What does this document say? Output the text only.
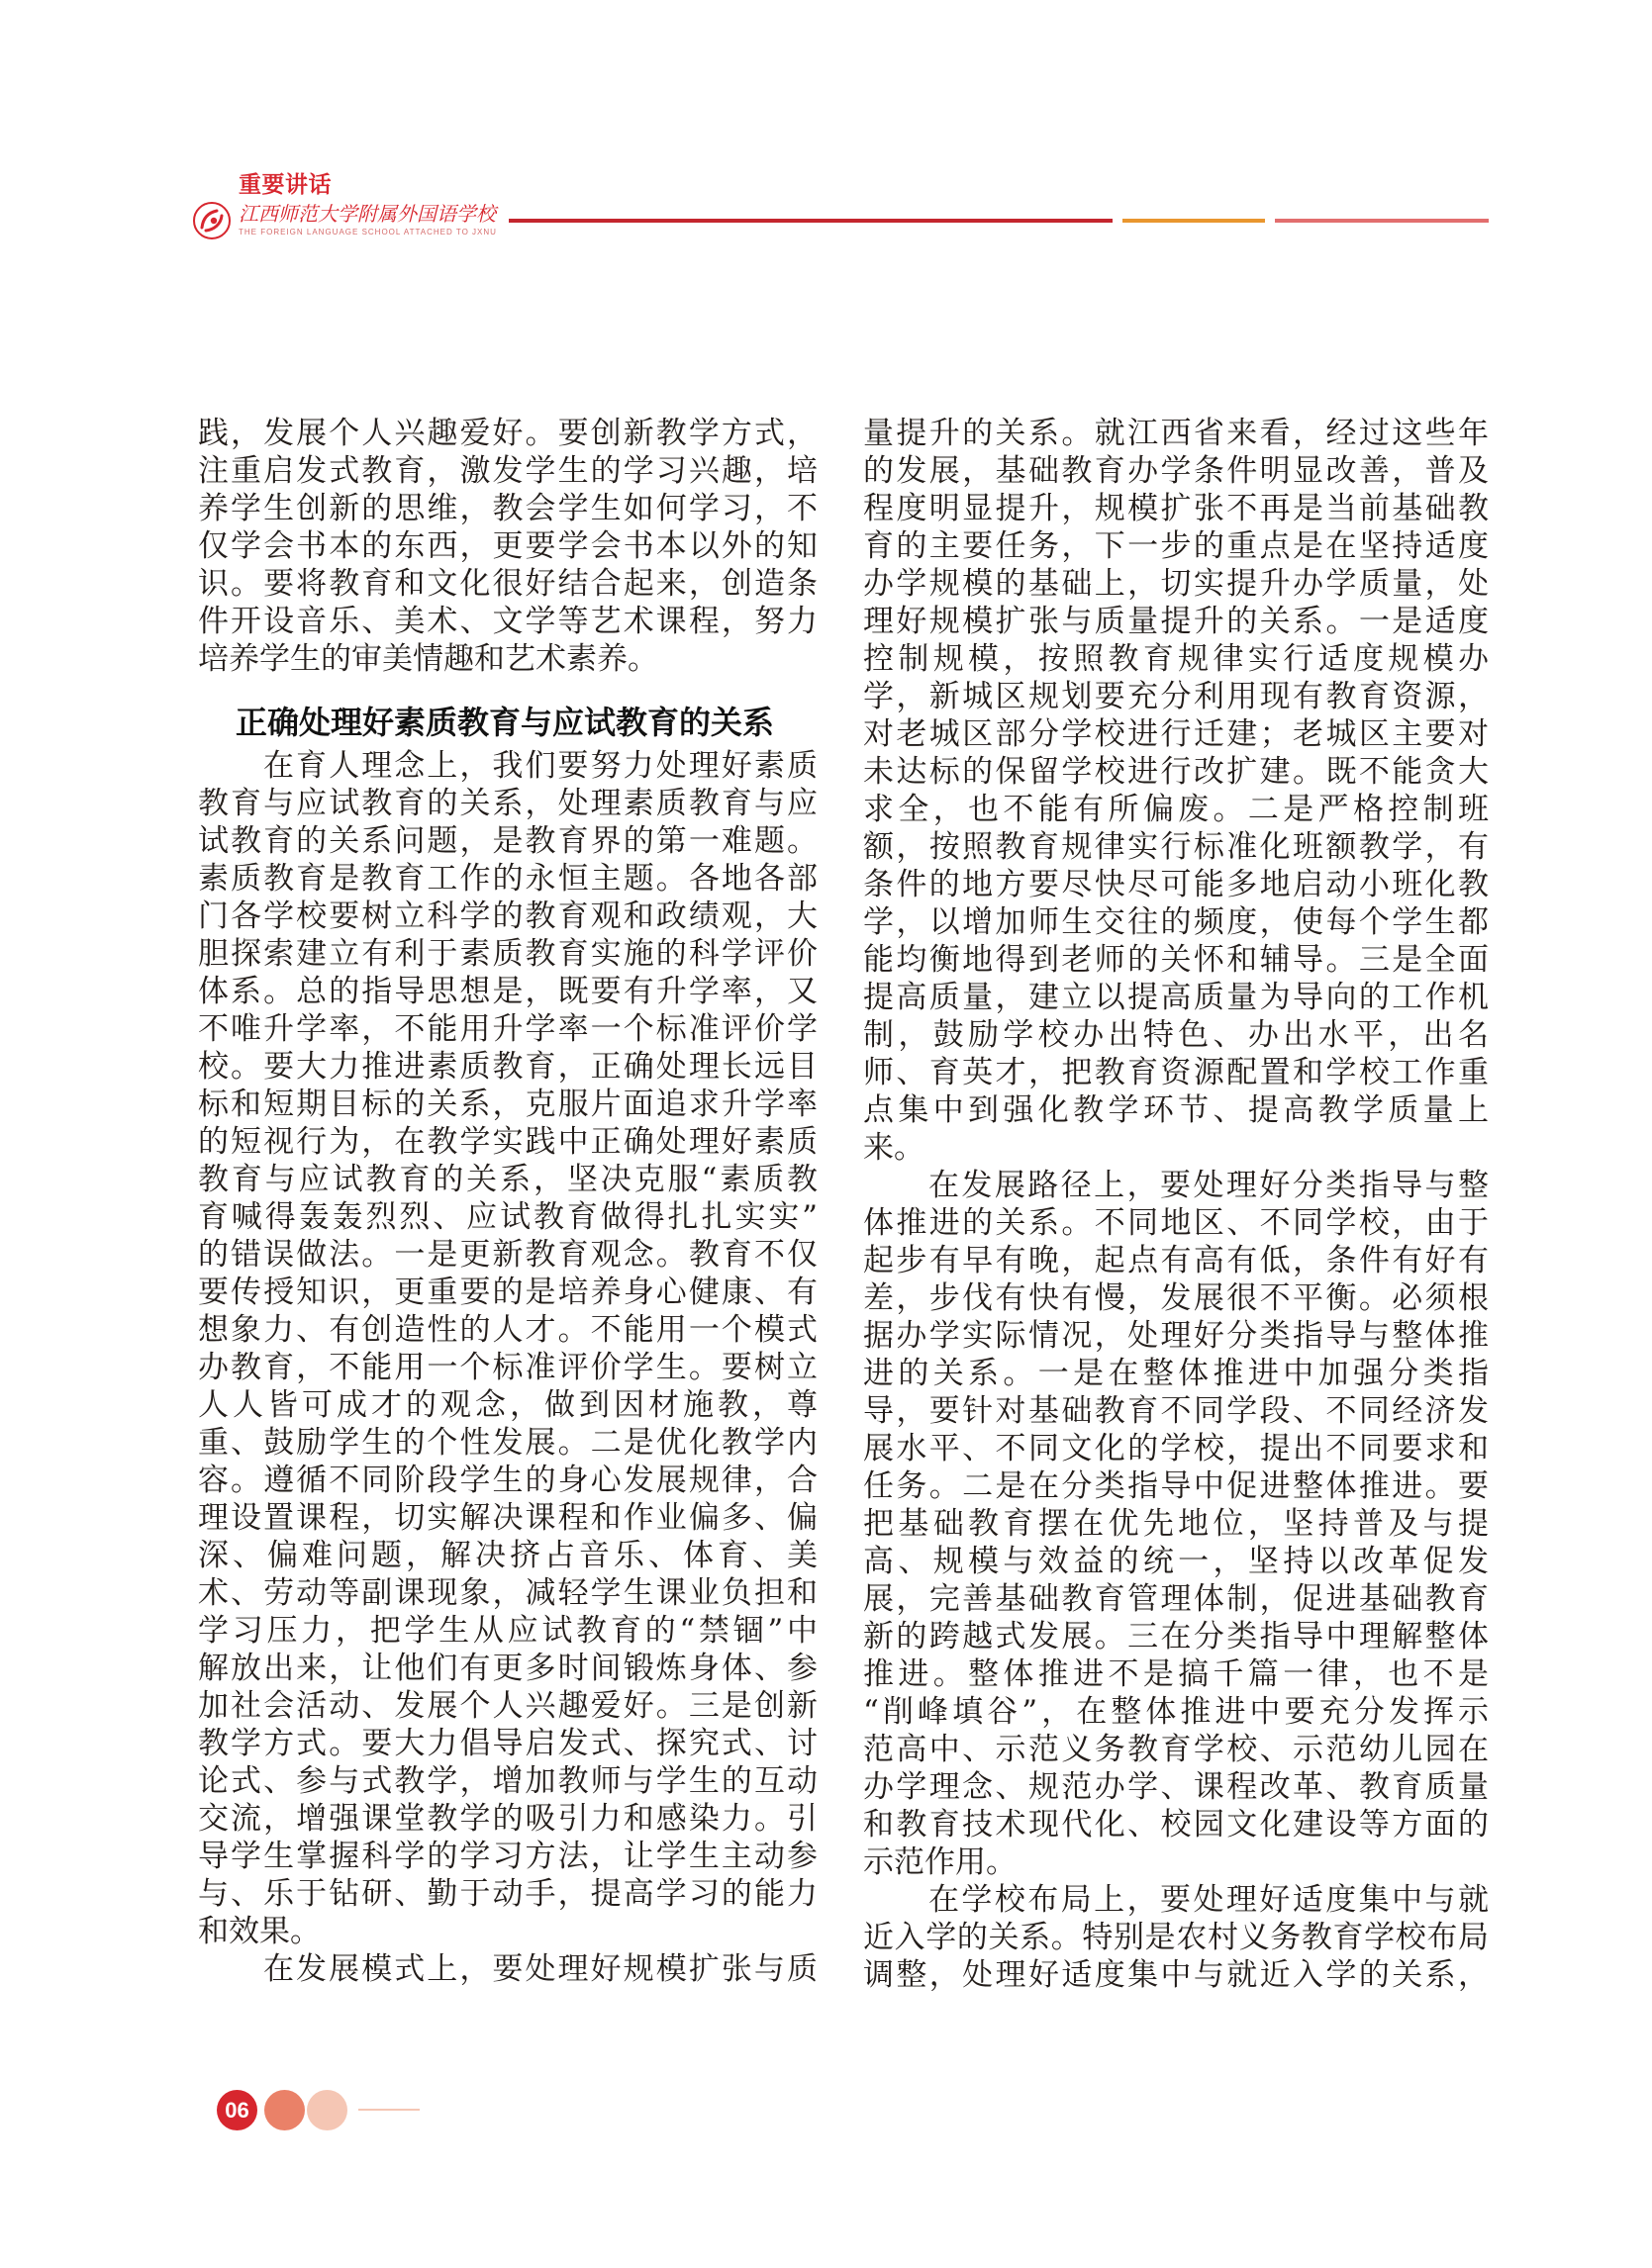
重要讲话
江西师范大学附属外国语学校
THE FOREIGN LANGUAGE SCHOOL ATTACHED TO JXNU
践，发展个人兴趣爱好。要创新教学方式，
注重启发式教育，激发学生的学习兴趣，培
养学生创新的思维，教会学生如何学习，不
仅学会书本的东西，更要学会书本以外的知
识。要将教育和文化很好结合起来，创造条
件开设音乐、美术、文学等艺术课程，努力
培养学生的审美情趣和艺术素养。
正确处理好素质教育与应试教育的关系
在育人理念上，我们要努力处理好素质
教育与应试教育的关系，处理素质教育与应
试教育的关系问题，是教育界的第一难题。
素质教育是教育工作的永恒主题。各地各部
门各学校要树立科学的教育观和政绩观，大
胆探索建立有利于素质教育实施的科学评价
体系。总的指导思想是，既要有升学率，又
不唯升学率，不能用升学率一个标准评价学
校。要大力推进素质教育，正确处理长远目
标和短期目标的关系，克服片面追求升学率
的短视行为，在教学实践中正确处理好素质
教育与应试教育的关系，坚决克服“素质教
育喊得轰轰烈烈、应试教育做得扎扎实实”
的错误做法。一是更新教育观念。教育不仅
要传授知识，更重要的是培养身心健康、有
想象力、有创造性的人才。不能用一个模式
办教育，不能用一个标准评价学生。要树立
人人皆可成才的观念，做到因材施教，尊
重、鼓励学生的个性发展。二是优化教学内
容。遵循不同阶段学生的身心发展规律，合
理设置课程，切实解决课程和作业偏多、偏
深、偏难问题，解决挤占音乐、体育、美
术、劳动等副课现象，减轻学生课业负担和
学习压力，把学生从应试教育的“禁锢”中
解放出来，让他们有更多时间锻炼身体、参
加社会活动、发展个人兴趣爱好。三是创新
教学方式。要大力倡导启发式、探究式、讨
论式、参与式教学，增加教师与学生的互动
交流，增强课堂教学的吸引力和感染力。引
导学生掌握科学的学习方法，让学生主动参
与、乐于钻研、勤于动手，提高学习的能力
和效果。
在发展模式上，要处理好规模扩张与质
量提升的关系。就江西省来看，经过这些年
的发展，基础教育办学条件明显改善，普及
程度明显提升，规模扩张不再是当前基础教
育的主要任务，下一步的重点是在坚持适度
办学规模的基础上，切实提升办学质量，处
理好规模扩张与质量提升的关系。一是适度
控制规模，按照教育规律实行适度规模办
学，新城区规划要充分利用现有教育资源，
对老城区部分学校进行迁建；老城区主要对
未达标的保留学校进行改扩建。既不能贪大
求全，也不能有所偏废。二是严格控制班
额，按照教育规律实行标准化班额教学，有
条件的地方要尽快尽可能多地启动小班化教
学，以增加师生交往的频度，使每个学生都
能均衡地得到老师的关怀和辅导。三是全面
提高质量，建立以提高质量为导向的工作机
制，鼓励学校办出特色、办出水平，出名
师、育英才，把教育资源配置和学校工作重
点集中到强化教学环节、提高教学质量上
来。
在发展路径上，要处理好分类指导与整
体推进的关系。不同地区、不同学校，由于
起步有早有晚，起点有高有低，条件有好有
差，步伐有快有慢，发展很不平衡。必须根
据办学实际情况，处理好分类指导与整体推
进的关系。一是在整体推进中加强分类指
导，要针对基础教育不同学段、不同经济发
展水平、不同文化的学校，提出不同要求和
任务。二是在分类指导中促进整体推进。要
把基础教育摆在优先地位，坚持普及与提
高、规模与效益的统一，坚持以改革促发
展，完善基础教育管理体制，促进基础教育
新的跨越式发展。三在分类指导中理解整体
推进。整体推进不是搞千篇一律，也不是
“削峰填谷”，在整体推进中要充分发挥示
范高中、示范义务教育学校、示范幼儿园在
办学理念、规范办学、课程改革、教育质量
和教育技术现代化、校园文化建设等方面的
示范作用。
在学校布局上，要处理好适度集中与就
近入学的关系。特别是农村义务教育学校布局
调整，处理好适度集中与就近入学的关系，
06
